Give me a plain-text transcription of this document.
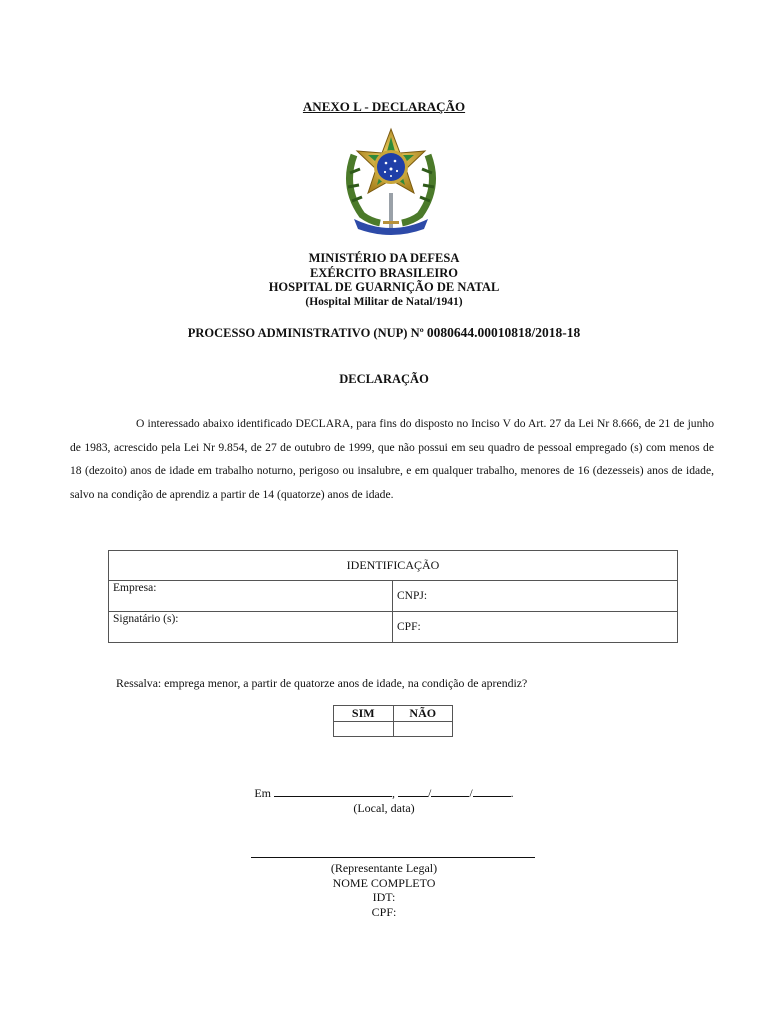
ANEXO L - DECLARAÇÃO
MINISTÉRIO DA DEFESA
EXÉRCITO BRASILEIRO
HOSPITAL DE GUARNIÇÃO DE NATAL
(Hospital Militar de Natal/1941)
PROCESSO ADMINISTRATIVO (NUP) Nº 0080644.00010818/2018-18
DECLARAÇÃO
O interessado abaixo identificado DECLARA, para fins do disposto no Inciso V do Art. 27 da Lei Nr 8.666, de 21 de junho de 1983, acrescido pela Lei Nr 9.854, de 27 de outubro de 1999, que não possui em seu quadro de pessoal empregado (s) com menos de 18 (dezoito) anos de idade em trabalho noturno, perigoso ou insalubre, e em qualquer trabalho, menores de 16 (dezesseis) anos de idade, salvo na condição de aprendiz a partir de 14 (quatorze) anos de idade.
IDENTIFICAÇÃO	
Empresa:	CNPJ:
Signatário (s):	CPF:
Ressalva: emprega menor, a partir de quatorze anos de idade, na condição de aprendiz?
SIM	NÃO

Em	,	/	/	.
(Local, data)
(Representante Legal)
NOME COMPLETO
IDT:
CPF:
